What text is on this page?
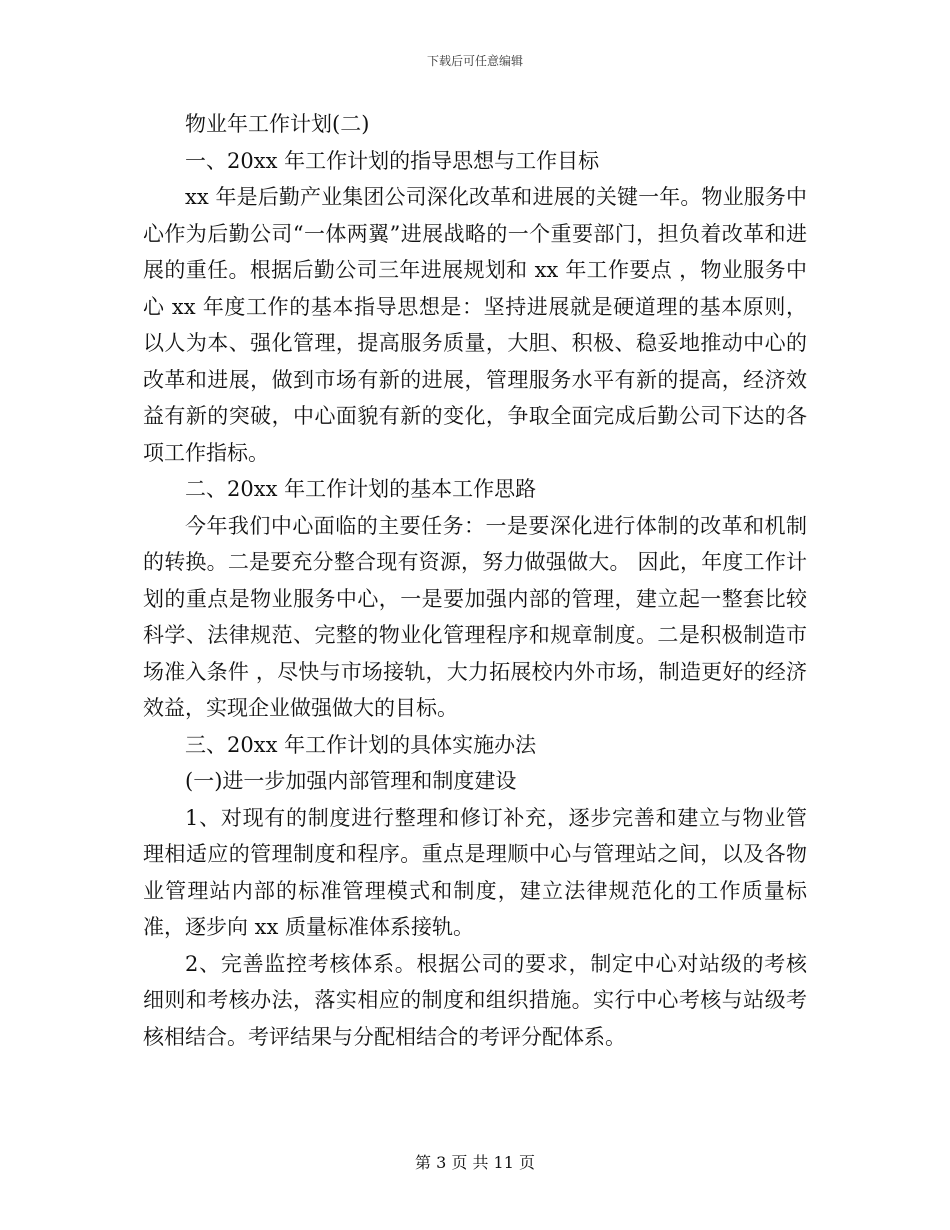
下载后可任意编辑

物业年工作计划(二)

一、20xx 年工作计划的指导思想与工作目标

xx 年是后勤产业集团公司深化改革和进展的关键一年。物业服务中心作为后勤公司“一体两翼”进展战略的一个重要部门，担负着改革和进展的重任。根据后勤公司三年进展规划和 xx 年工作要点 ，物业服务中心 xx 年度工作的基本指导思想是：坚持进展就是硬道理的基本原则，以人为本、强化管理，提高服务质量，大胆、积极、稳妥地推动中心的改革和进展，做到市场有新的进展，管理服务水平有新的提高，经济效益有新的突破，中心面貌有新的变化，争取全面完成后勤公司下达的各项工作指标。

二、20xx 年工作计划的基本工作思路

今年我们中心面临的主要任务：一是要深化进行体制的改革和机制的转换。二是要充分整合现有资源，努力做强做大。 因此，年度工作计划的重点是物业服务中心，一是要加强内部的管理，建立起一整套比较科学、法律规范、完整的物业化管理程序和规章制度。二是积极制造市场准入条件 ，尽快与市场接轨，大力拓展校内外市场，制造更好的经济效益，实现企业做强做大的目标。

三、20xx 年工作计划的具体实施办法

(一)进一步加强内部管理和制度建设

1、对现有的制度进行整理和修订补充，逐步完善和建立与物业管理相适应的管理制度和程序。重点是理顺中心与管理站之间，以及各物业管理站内部的标准管理模式和制度，建立法律规范化的工作质量标准，逐步向 xx 质量标准体系接轨。

2、完善监控考核体系。根据公司的要求，制定中心对站级的考核细则和考核办法，落实相应的制度和组织措施。实行中心考核与站级考核相结合。考评结果与分配相结合的考评分配体系。

第 3 页 共 11 页
